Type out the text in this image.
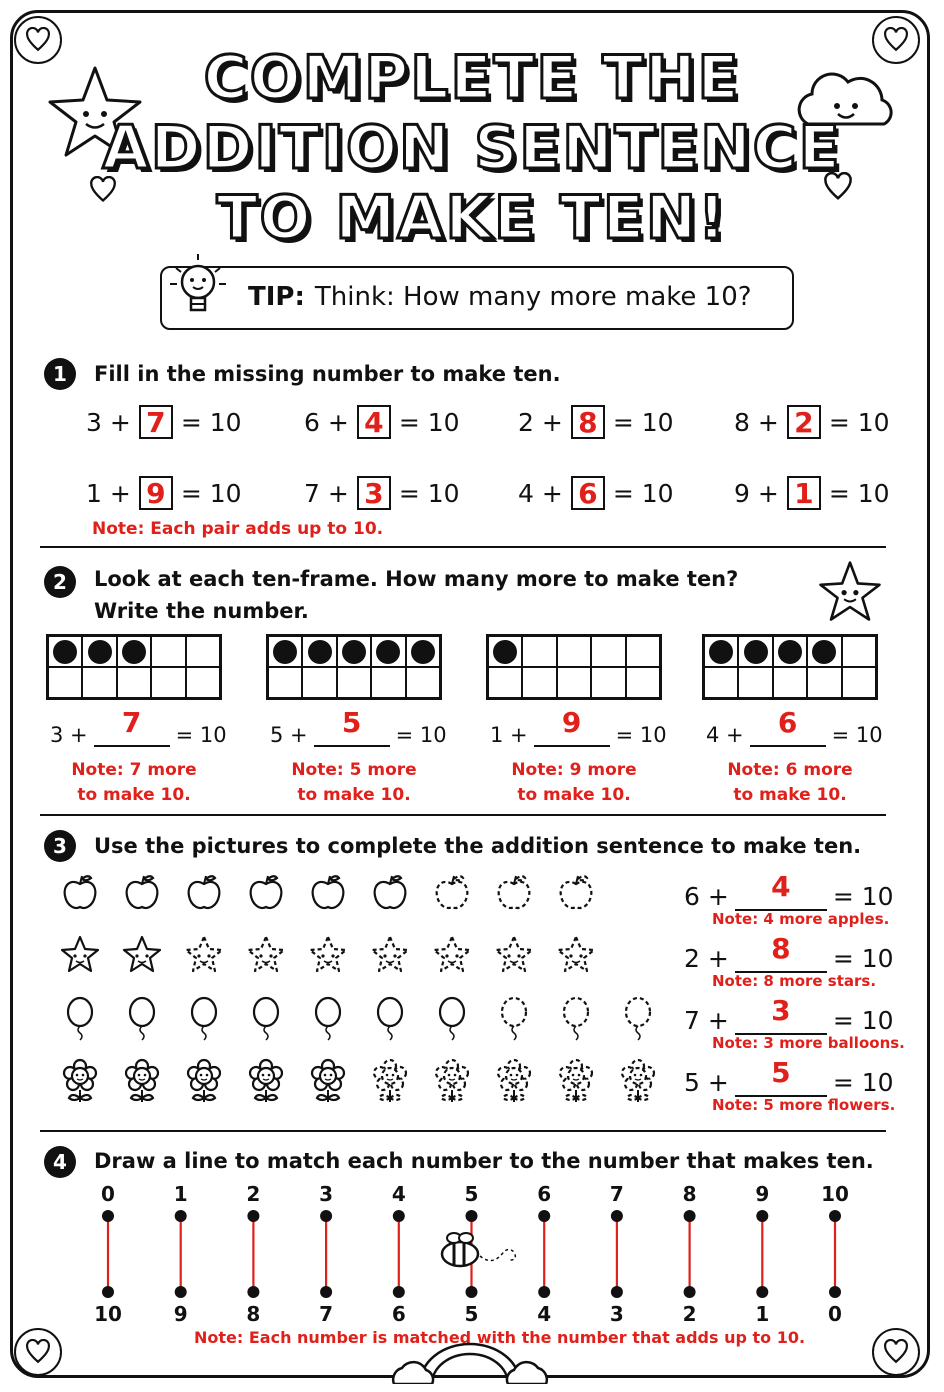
COMPLETE THE
ADDITION SENTENCE
TO MAKE TEN!
TIP: Think: How many more make 10?
1	Fill in the missing number to make ten.
3 + 7 = 10 6 + 4 = 10 2 + 8 = 10 8 + 2 = 10
1 + 9 = 10 7 + 3 = 10 4 + 6 = 10 9 + 1 = 10
Note: Each pair adds up to 10.
2	Look at each ten-frame. How many more to make ten?
Write the number.
3 +	7	= 10
Note: 7 more
to make 10.
5 +	5	= 10
Note: 5 more
to make 10.
1 +	9	= 10
Note: 9 more
to make 10.
4 +	6	= 10
Note: 6 more
to make 10.
3	Use the pictures to complete the addition sentence to make ten.
6 +	4	= 10
Note: 4 more apples.
2 +	8	= 10
Note: 8 more stars.
7 +	3	= 10
Note: 3 more balloons.
5 +	5	= 10
Note: 5 more flowers.
4	Draw a line to match each number to the number that makes ten.
0
10
1
9
2
8
3
7
4
6
5
5
6
4
7
3
8
2
9
1
10
0
Note: Each number is matched with the number that adds up to 10.
